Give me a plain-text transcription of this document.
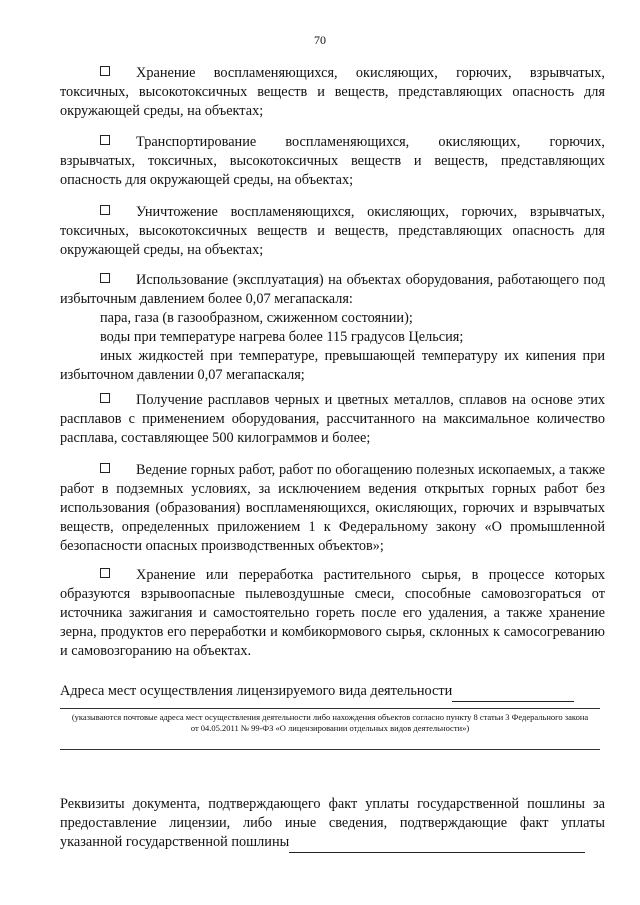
70

Хранение воспламеняющихся, окисляющих, горючих, взрывчатых, токсичных, высокотоксичных веществ и веществ, представляющих опасность для окружающей среды, на объектах;

Транспортирование воспламеняющихся, окисляющих, горючих, взрывчатых, токсичных, высокотоксичных веществ и веществ, представляющих опасность для окружающей среды, на объектах;

Уничтожение воспламеняющихся, окисляющих, горючих, взрывчатых, токсичных, высокотоксичных веществ и веществ, представляющих опасность для окружающей среды, на объектах;

Использование (эксплуатация) на объектах оборудования, работающего под избыточным давлением более 0,07 мегапаскаля:

пара, газа (в газообразном, сжиженном состоянии);

воды при температуре нагрева более 115 градусов Цельсия;

иных жидкостей при температуре, превышающей температуру их кипения при избыточном давлении 0,07 мегапаскаля;

Получение расплавов черных и цветных металлов, сплавов на основе этих расплавов с применением оборудования, рассчитанного на максимальное количество расплава, составляющее 500 килограммов и более;

Ведение горных работ, работ по обогащению полезных ископаемых, а также работ в подземных условиях, за исключением ведения открытых горных работ без использования (образования) воспламеняющихся, окисляющих, горючих и взрывчатых веществ, определенных приложением 1 к Федеральному закону «О промышленной безопасности опасных производственных объектов»;

Хранение или переработка растительного сырья, в процессе которых образуются взрывоопасные пылевоздушные смеси, способные самовозгораться от источника зажигания и самостоятельно гореть после его удаления, а также хранение зерна, продуктов его переработки и комбикормового сырья, склонных к самосогреванию и самовозгоранию на объектах.

Адреса мест осуществления лицензируемого вида деятельности
(указываются почтовые адреса мест осуществления деятельности либо нахождения объектов согласно пункту 8 статьи 3 Федерального закона
от 04.05.2011 № 99-ФЗ «О лицензировании отдельных видов деятельности»)

Реквизиты документа, подтверждающего факт уплаты государственной пошлины за предоставление лицензии, либо иные сведения, подтверждающие факт уплаты указанной государственной пошлины
